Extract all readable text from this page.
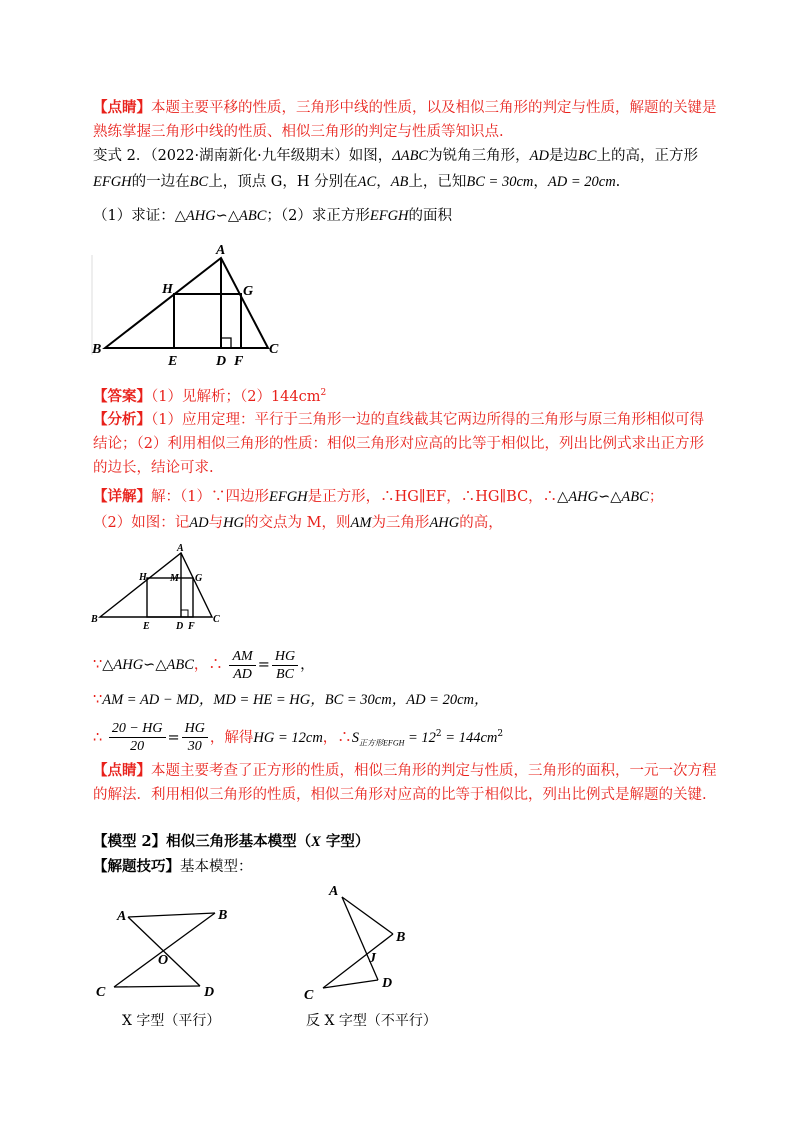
【点睛】本题主要平移的性质，三角形中线的性质，以及相似三角形的判定与性质，解题的关键是
熟练掌握三角形中线的性质、相似三角形的判定与性质等知识点.
变式 2．（2022·湖南新化·九年级期末）如图，ΔABC为锐角三角形，AD是边BC上的高，正方形
EFGH的一边在BC上，顶点 G，H 分别在AC，AB上，已知BC = 30cm，AD = 20cm.
（1）求证：△AHG∽△ABC；（2）求正方形EFGH的面积
A
H	G
B
E	D F
C
【答案】（1）见解析；$(2)144cm^2$
【分析】（1）应用定理：平行于三角形一边的直线截其它两边所得的三角形与原三角形相似可得
结论；（2）利用相似三角形的性质：相似三角形对应高的比等于相似比，列出比例式求出正方形
的边长，结论可求.
【详解】解：（1）∵四边形EFGH是正方形，∴HG∥EF，∴HG∥BC，∴△AHG∽△ABC；
（2）如图：记AD与HG的交点为 M，则AM为三角形AHG的高，
A
H M G
B
E	D F
C
∵△AHG∽△ABC，∴ $\frac{AM}{AD} = \frac{HG}{BC}$ ，
∵AM = AD − MD，MD = HE = HG，BC = 30cm，AD = 20cm，
∴ $\frac{20 - HG}{20} = \frac{HG}{30}$ ，解得HG = 12cm，$\therefore S_{正方形EFGH} = 12^2 = 144cm^2$
【点睛】本题主要考查了正方形的性质，相似三角形的判定与性质，三角形的面积，一元一次方程
的解法．利用相似三角形的性质，相似三角形对应高的比等于相似比，列出比例式是解题的关键.
【模型 2】相似三角形基本模型（X 字型）
【解题技巧】基本模型：
A	B
O
C	D
X 字型（平行）
A
B
J
C
D
反 X 字型（不平行）
